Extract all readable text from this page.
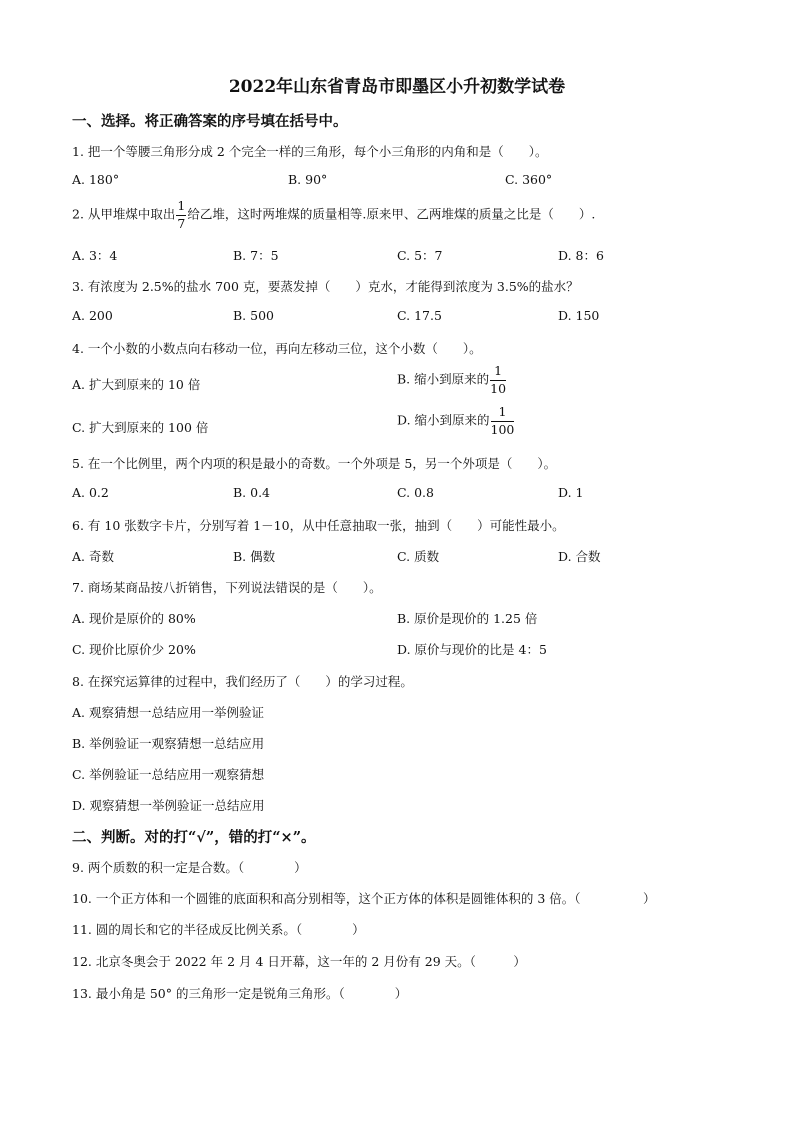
2022年山东省青岛市即墨区小升初数学试卷
一、选择。将正确答案的序号填在括号中。
1. 把一个等腰三角形分成 2 个完全一样的三角形，每个小三角形的内角和是（　　）。
A. 180°	B. 90°	C. 360°
2. 从甲堆煤中取出 $\frac{1}{7}$ 给乙堆，这时两堆煤的质量相等.原来甲、乙两堆煤的质量之比是（　　）.
A. 3：4	B. 7：5	C. 5：7	D. 8：6
3. 有浓度为 2.5%的盐水 700 克，要蒸发掉（　　）克水，才能得到浓度为 3.5%的盐水？
A. 200	B. 500	C. 17.5	D. 150
4. 一个小数的小数点向右移动一位，再向左移动三位，这个小数（　　）。
A. 扩大到原来的 10 倍	B. 缩小到原来的 $\frac{1}{10}$
C. 扩大到原来的 100 倍	D. 缩小到原来的 $\frac{1}{100}$
5. 在一个比例里，两个内项的积是最小的奇数。一个外项是 5，另一个外项是（　　）。
A. 0.2	B. 0.4	C. 0.8	D. 1
6. 有 10 张数字卡片，分别写着 1－10，从中任意抽取一张，抽到（　　）可能性最小。
A. 奇数	B. 偶数	C. 质数	D. 合数
7. 商场某商品按八折销售，下列说法错误的是（　　）。
A. 现价是原价的 80%	B. 原价是现价的 1.25 倍
C. 现价比原价少 20%	D. 原价与现价的比是 4：5
8. 在探究运算律的过程中，我们经历了（　　）的学习过程。
A. 观察猜想一总结应用一举例验证
B. 举例验证一观察猜想一总结应用
C. 举例验证一总结应用一观察猜想
D. 观察猜想一举例验证一总结应用
二、判断。对的打“√”，错的打“×”。
9. 两个质数的积一定是合数。（　　　　）
10. 一个正方体和一个圆锥的底面积和高分别相等，这个正方体的体积是圆锥体积的 3 倍。（　　　　　）
11. 圆的周长和它的半径成反比例关系。（　　　　）
12. 北京冬奥会于 2022 年 2 月 4 日开幕，这一年的 2 月份有 29 天。（　　　）
13. 最小角是 50° 的三角形一定是锐角三角形。（　　　　）
